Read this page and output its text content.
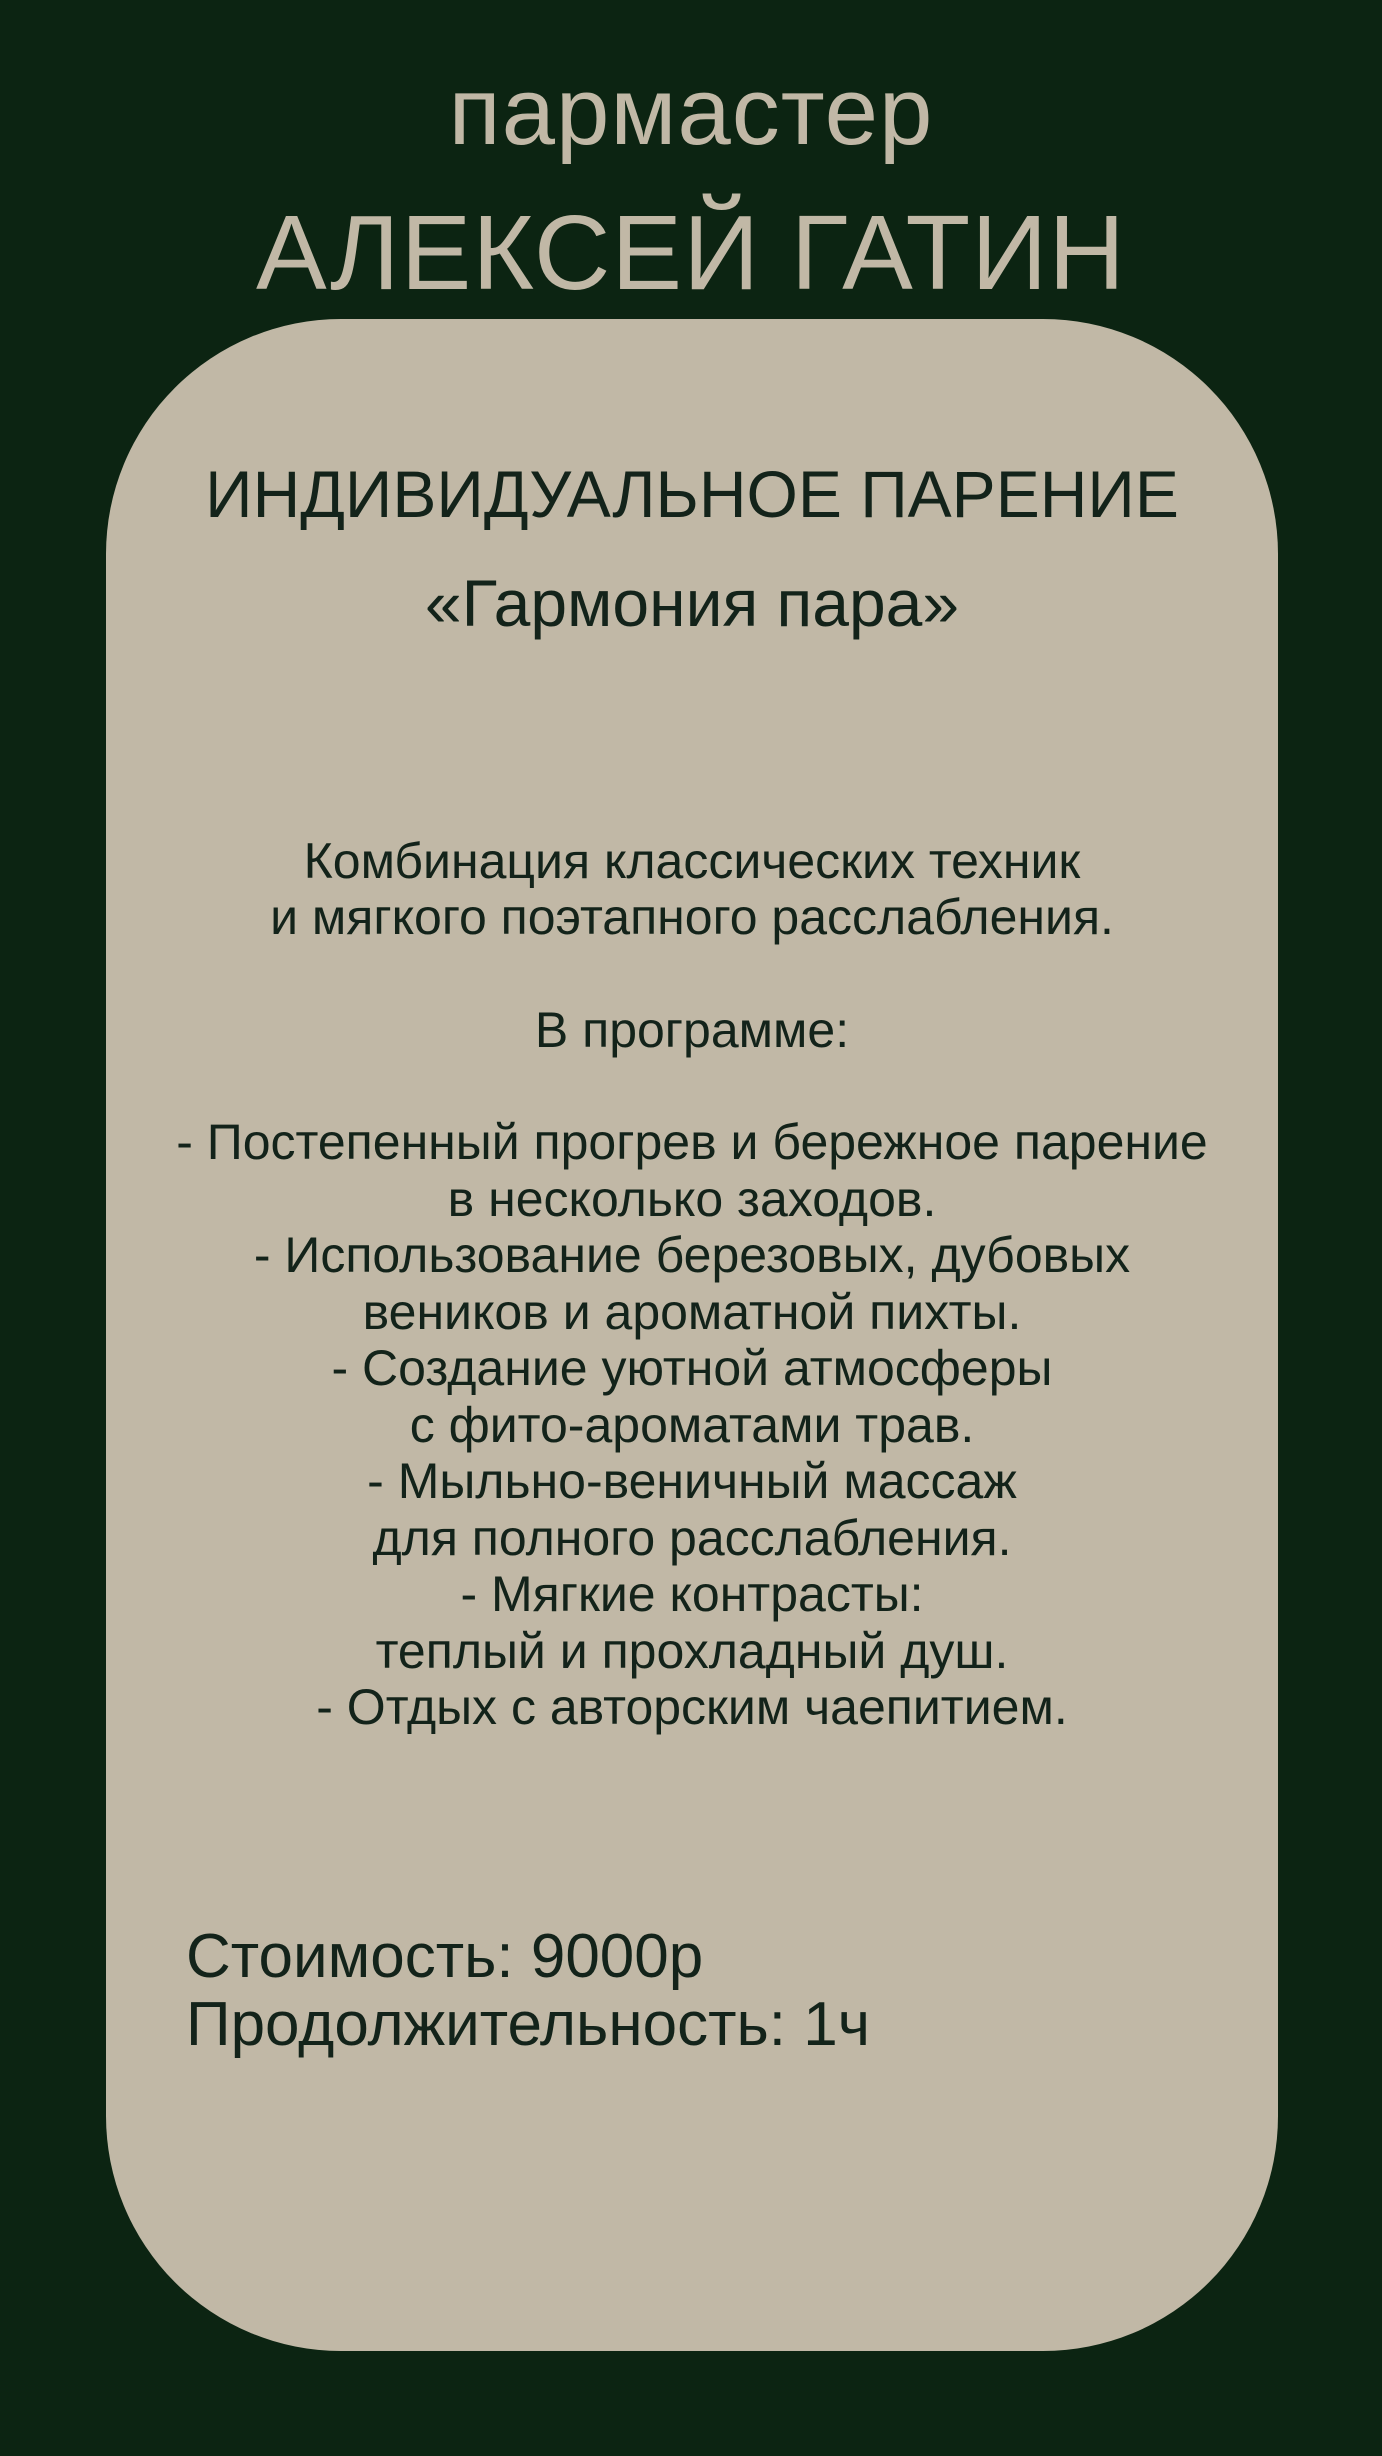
пармастер
АЛЕКСЕЙ ГАТИН
ИНДИВИДУАЛЬНОЕ ПАРЕНИЕ
«Гармония пара»
Комбинация классических техник
и мягкого поэтапного расслабления.
В программе:
- Постепенный прогрев и бережное парение
в несколько заходов.
- Использование березовых, дубовых
веников и ароматной пихты.
- Создание уютной атмосферы
с фито-ароматами трав.
- Мыльно-веничный массаж
для полного расслабления.
- Мягкие контрасты:
теплый и прохладный душ.
- Отдых с авторским чаепитием.
Стоимость: 9000р
Продолжительность: 1ч
